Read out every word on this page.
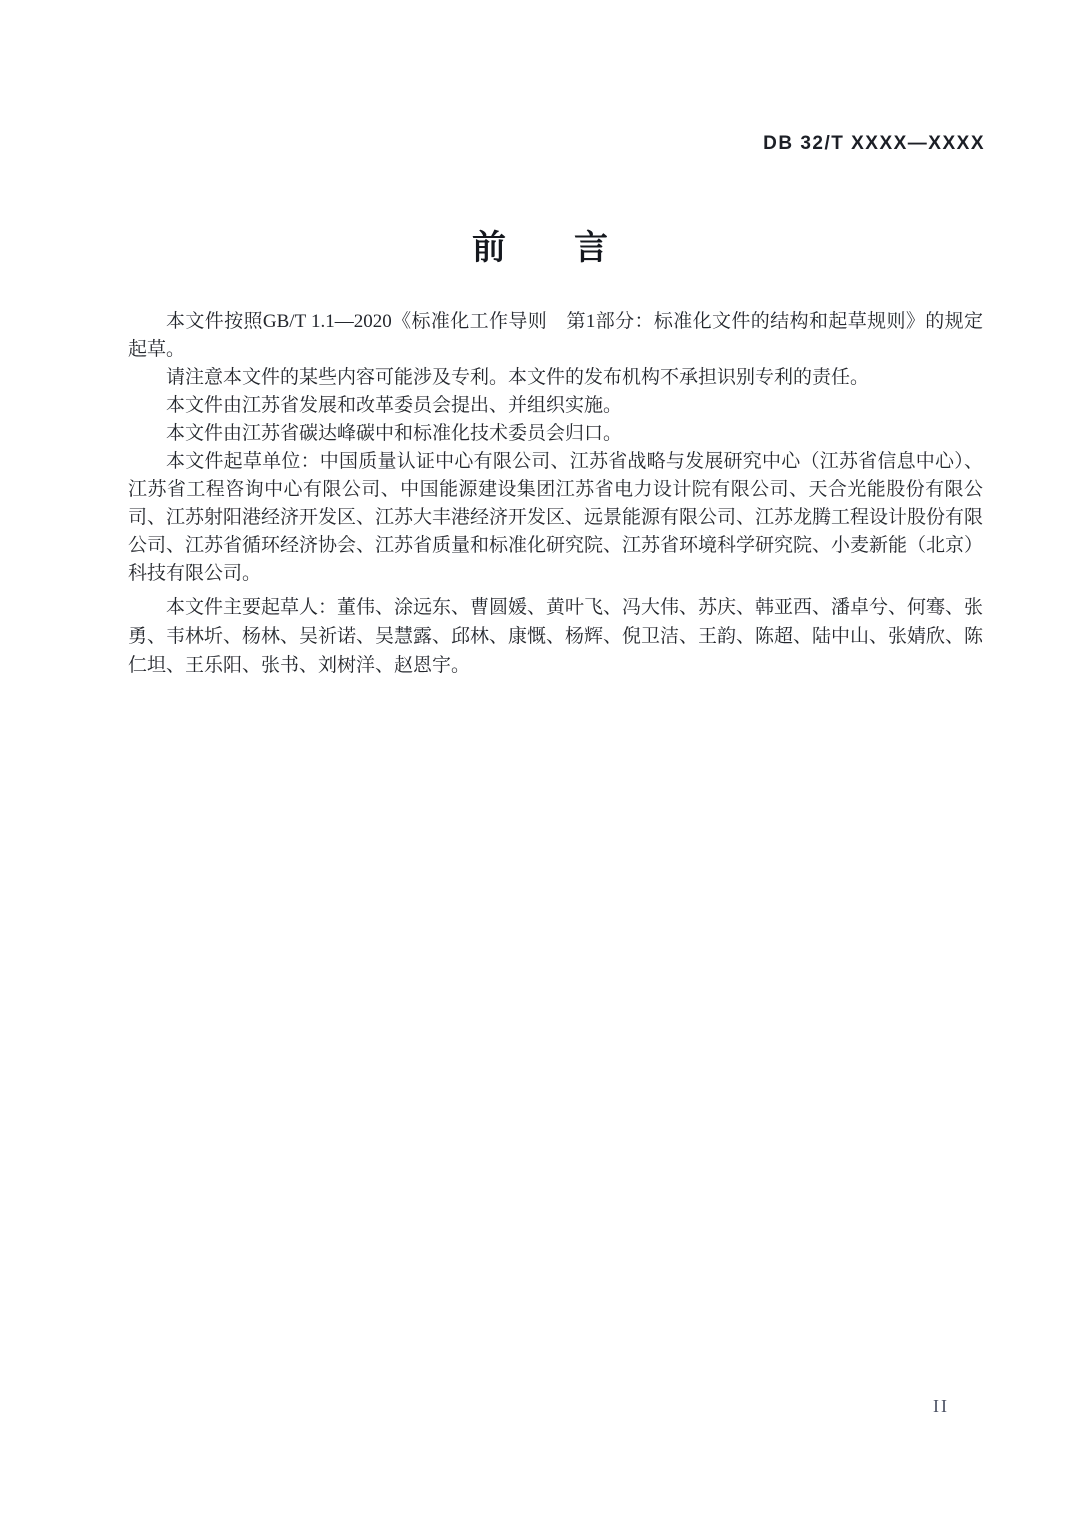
DB 32/T XXXX—XXXX
前　　言

本文件按照GB/T 1.1—2020《标准化工作导则　第1部分：标准化文件的结构和起草规则》的规定起草。

请注意本文件的某些内容可能涉及专利。本文件的发布机构不承担识别专利的责任。

本文件由江苏省发展和改革委员会提出、并组织实施。

本文件由江苏省碳达峰碳中和标准化技术委员会归口。

本文件起草单位：中国质量认证中心有限公司、江苏省战略与发展研究中心（江苏省信息中心）、江苏省工程咨询中心有限公司、中国能源建设集团江苏省电力设计院有限公司、天合光能股份有限公司、江苏射阳港经济开发区、江苏大丰港经济开发区、远景能源有限公司、江苏龙腾工程设计股份有限公司、江苏省循环经济协会、江苏省质量和标准化研究院、江苏省环境科学研究院、小麦新能（北京）科技有限公司。

本文件主要起草人：董伟、涂远东、曹圆媛、黄叶飞、冯大伟、苏庆、韩亚西、潘卓兮、何骞、张勇、韦林圻、杨林、吴祈诺、吴慧露、邱林、康慨、杨辉、倪卫洁、王韵、陈超、陆中山、张婧欣、陈仁坦、王乐阳、张书、刘树洋、赵恩宇。

II
